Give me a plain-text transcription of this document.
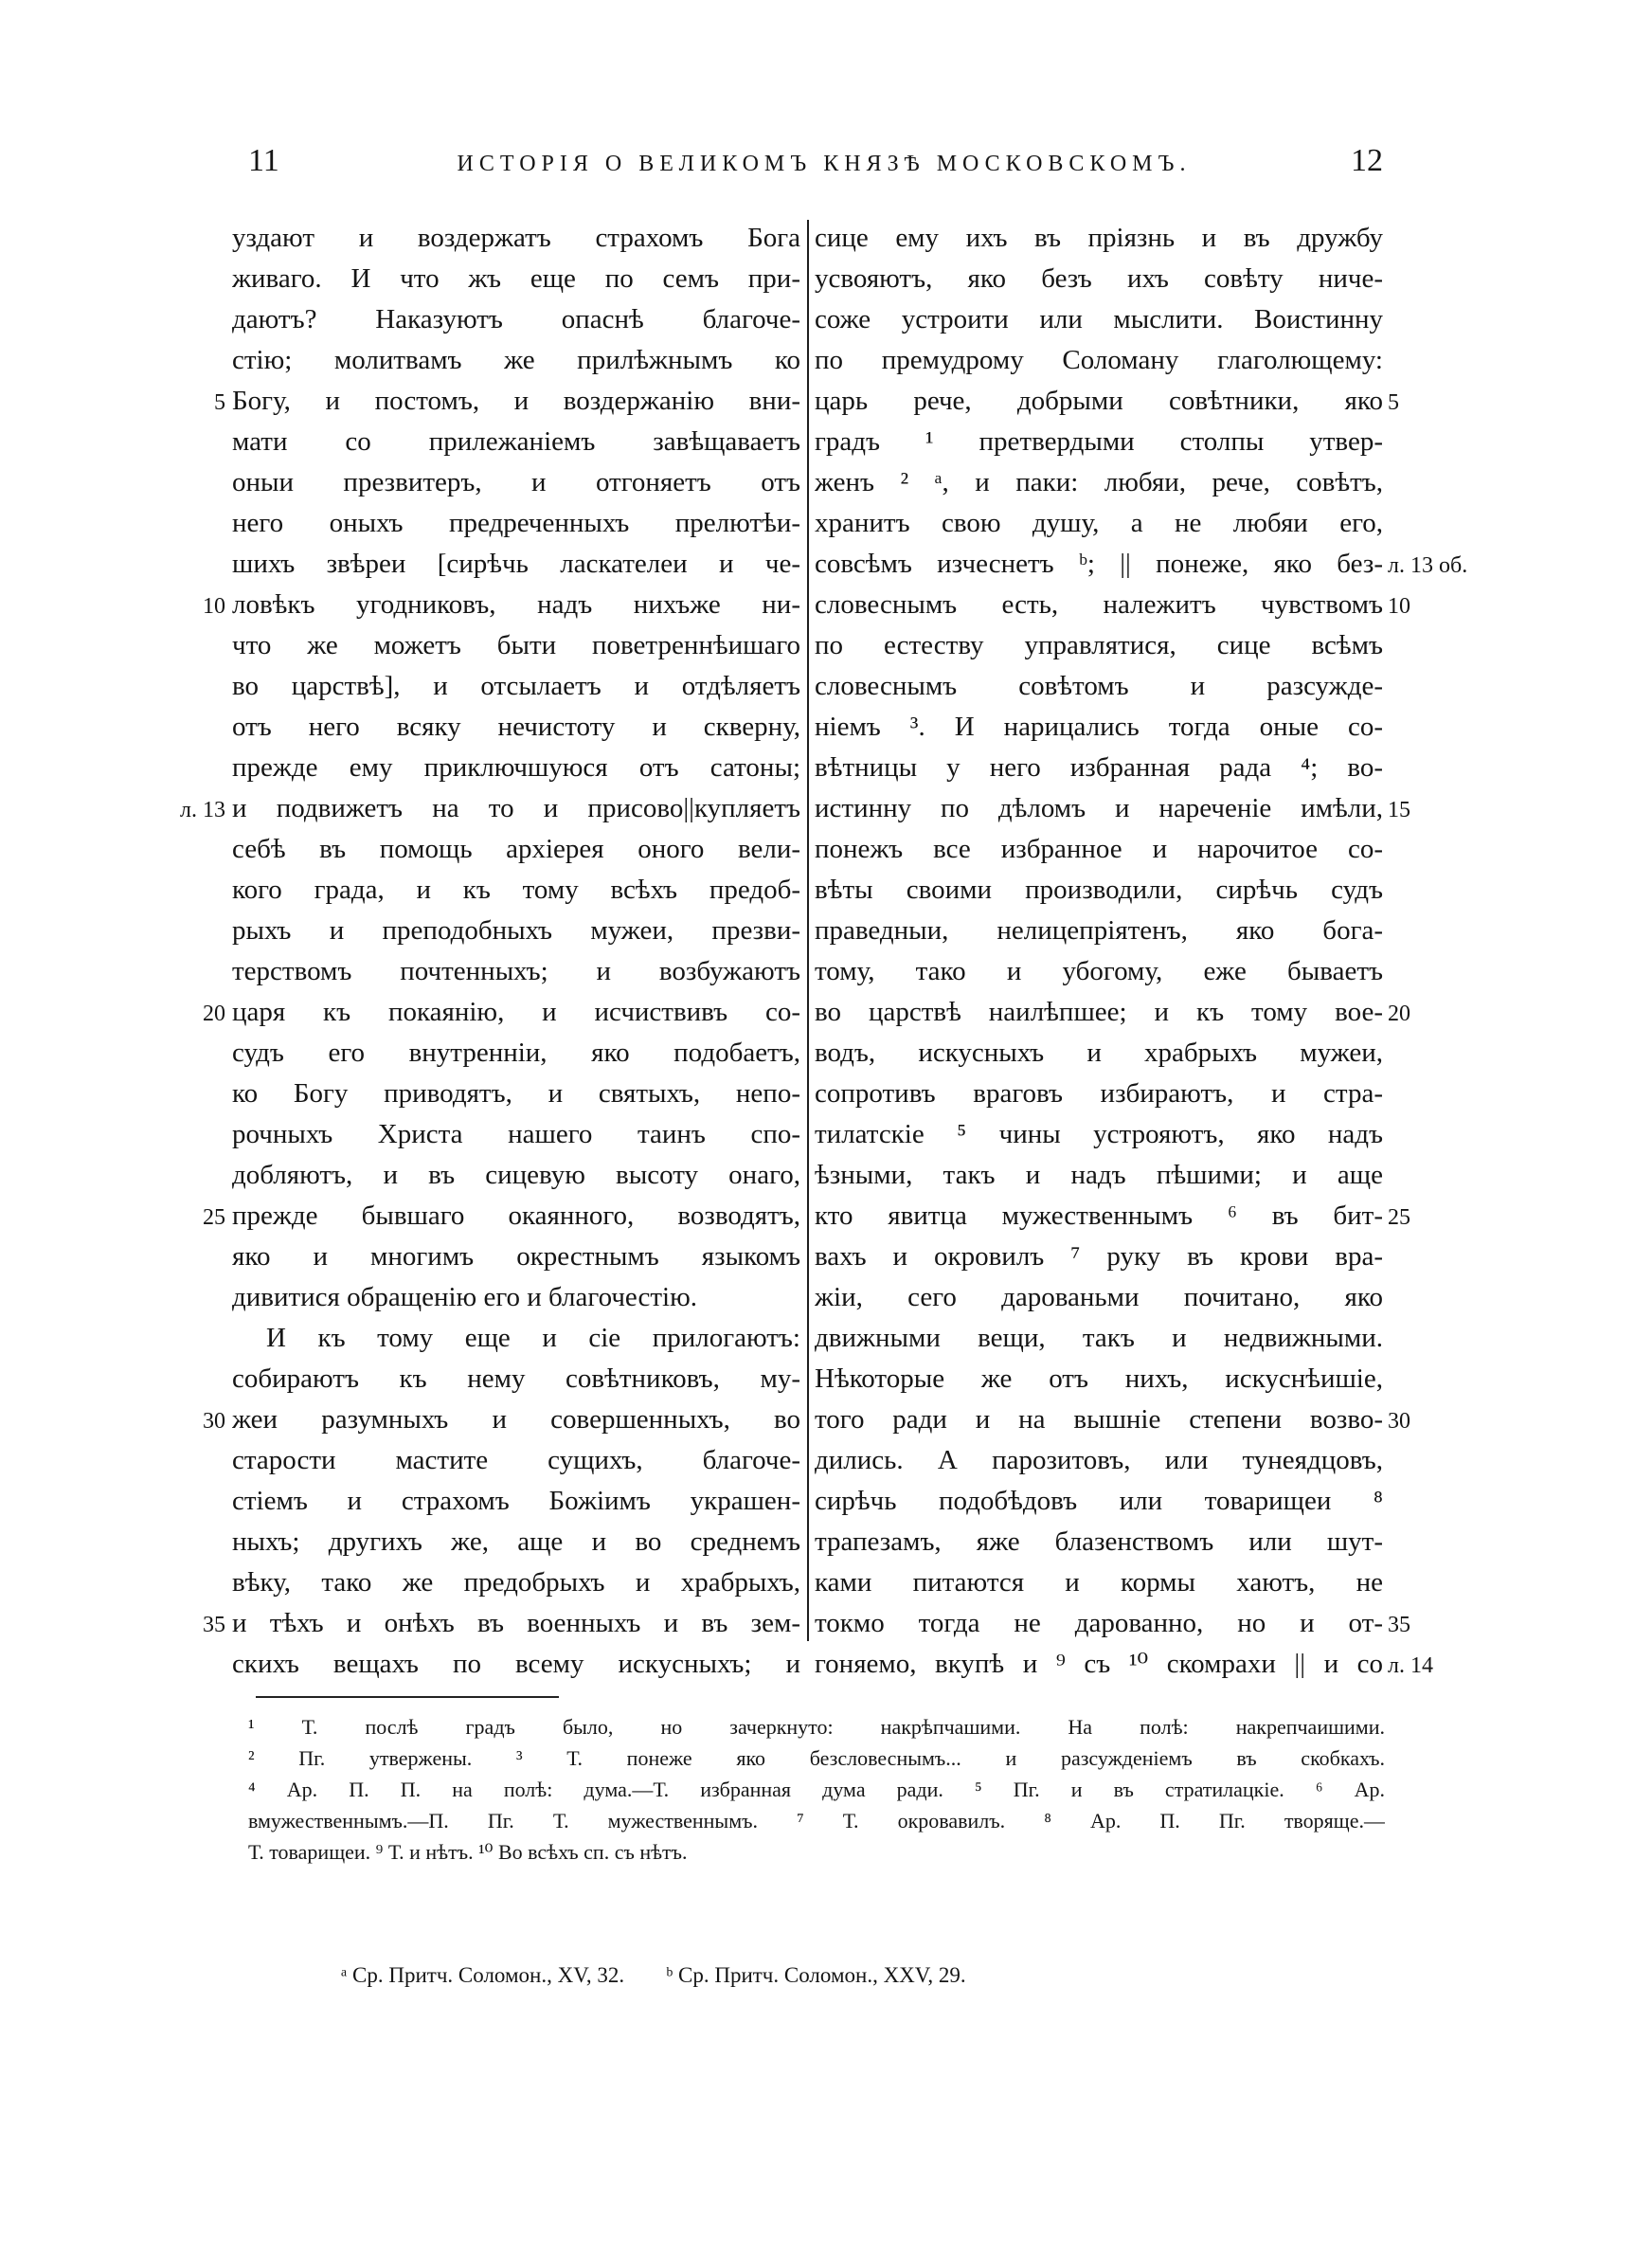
11	ИСТОРІЯ О ВЕЛИКОМЪ КНЯЗѢ МОСКОВСКОМЪ.	12
уздают и воздержатъ страхомъ Бога
живаго. И что жъ еще по семъ при-
даютъ? Наказуютъ опаснѣ благоче-
стію; молитвамъ же прилѣжнымъ ко
Богу, и постомъ, и воздержанію вни-
мати со прилежаніемъ завѣщаваетъ
оныи презвитеръ, и отгоняетъ отъ
него оныхъ предреченныхъ прелютѣи-
шихъ звѣреи [сирѣчь ласкателеи и че-
ловѣкъ угодниковъ, надъ нихъже ни-
что же можетъ быти поветреннѣишаго
во царствѣ], и отсылаетъ и отдѣляетъ
отъ него всяку нечистоту и скверну,
прежде ему приключшуюся отъ сатоны;
и подвижетъ на то и присово||купляетъ
себѣ въ помощь архіерея оного вели-
кого града, и къ тому всѣхъ предоб-
рыхъ и преподобныхъ мужеи, презви-
терствомъ почтенныхъ; и возбужаютъ
царя къ покаянію, и исчиствивъ со-
судъ его внутренніи, яко подобаетъ,
ко Богу приводятъ, и святыхъ, непо-
рочныхъ Христа нашего таинъ спо-
добляютъ, и въ сицевую высоту онаго,
прежде бывшаго окаянного, возводятъ,
яко и многимъ окрестнымъ языкомъ
дивитися обращенію его и благочестію.
И къ тому еще и сіе прилогаютъ:
собираютъ къ нему совѣтниковъ, му-
жеи разумныхъ и совершенныхъ, во
старости мастите сущихъ, благоче-
стіемъ и страхомъ Божіимъ украшен-
ныхъ; другихъ же, аще и во среднемъ
вѣку, тако же предобрыхъ и храбрыхъ,
и тѣхъ и онѣхъ въ военныхъ и въ зем-
скихъ вещахъ по всему искусныхъ; и
сице ему ихъ въ пріязнь и въ дружбу
усвояютъ, яко безъ ихъ совѣту ниче-
соже устроити или мыслити. Воистинну
по премудрому Соломану глаголющему:
царь рече, добрыми совѣтники, яко
градъ ¹ претвердыми столпы утвер-
женъ ² ᵃ, и паки: любяи, рече, совѣтъ,
хранитъ свою душу, а не любяи его,
совсѣмъ изчеснетъ ᵇ; || понеже, яко без-
словеснымъ есть, належитъ чувствомъ
по естеству управлятися, сице всѣмъ
словеснымъ совѣтомъ и разсужде-
ніемъ ³. И нарицались тогда оные со-
вѣтницы у него избранная рада ⁴; во-
истинну по дѣломъ и нареченіе имѣли,
понежъ все избранное и нарочитое со-
вѣты своими производили, сирѣчь судъ
праведныи, нелицепріятенъ, яко бога-
тому, тако и убогому, еже бываетъ
во царствѣ наилѣпшее; и къ тому вое-
водъ, искусныхъ и храбрыхъ мужеи,
сопротивъ враговъ избираютъ, и стра-
тилатскіе ⁵ чины устрояютъ, яко надъ
ѣзными, такъ и надъ пѣшими; и аще
кто явитца мужественнымъ ⁶ въ бит-
вахъ и окровилъ ⁷ руку въ крови вра-
жіи, сего дарованьми почитано, яко
движными вещи, такъ и недвижными.
Нѣкоторые же отъ нихъ, искуснѣишіе,
того ради и на вышніе степени возво-
дились. А парозитовъ, или тунеядцовъ,
сирѣчь подобѣдовъ или товарищеи ⁸
трапезамъ, яже блазенствомъ или шут-
ками питаются и кормы хаютъ, не
токмо тогда не дарованно, но и от-
гоняемо, вкупѣ и ⁹ съ ¹⁰ скомрахи || и со
5
10
л. 13
20
25
30
35
5
л. 13 об.
10
15
20
25
30
35
л. 14
¹ Т. послѣ градъ было, но зачеркнуто: накрѣпчашими. На полѣ: накрепчаишими.
² Пг. утвержены. ³ Т. понеже яко безсловеснымъ... и разсужденіемъ въ скобкахъ.
⁴ Ар. П. П. на полѣ: дума.—Т. избранная дума ради. ⁵ Пг. и въ стратилацкіе. ⁶ Ар.
вмужественнымъ.—П. Пг. Т. мужественнымъ. ⁷ Т. окровавилъ. ⁸ Ар. П. Пг. творяще.—
Т. товарищеи. ⁹ Т. и нѣтъ. ¹⁰ Во всѣхъ сп. съ нѣтъ.
ᵃ Ср. Притч. Соломон., XV, 32. ᵇ Ср. Притч. Соломон., XXV, 29.
